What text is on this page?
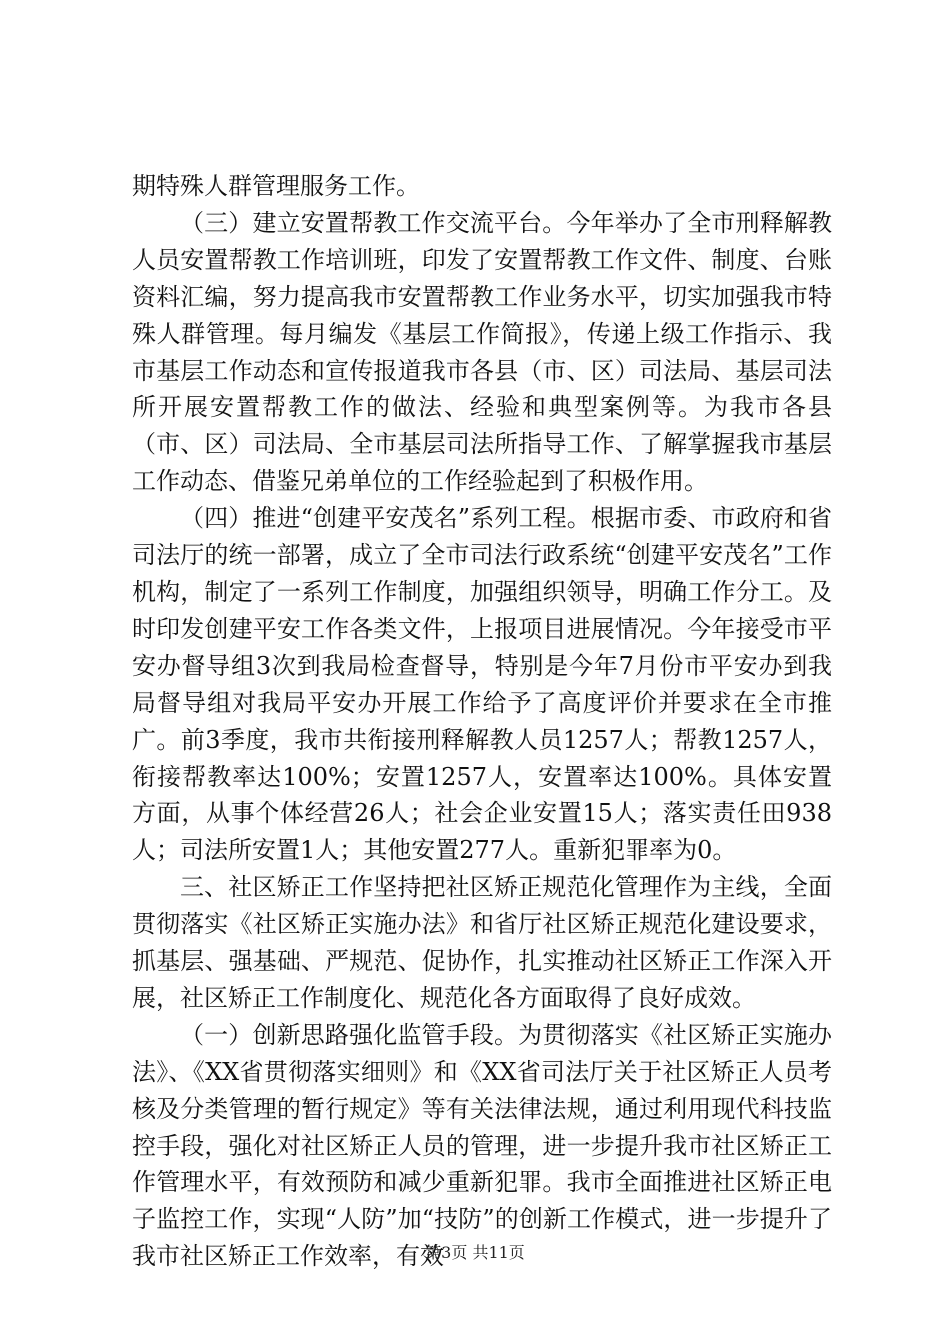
期特殊人群管理服务工作。

（三）建立安置帮教工作交流平台。今年举办了全市刑释解教人员安置帮教工作培训班，印发了安置帮教工作文件、制度、台账资料汇编，努力提高我市安置帮教工作业务水平，切实加强我市特殊人群管理。每月编发《基层工作简报》，传递上级工作指示、我市基层工作动态和宣传报道我市各县（市、区）司法局、基层司法所开展安置帮教工作的做法、经验和典型案例等。为我市各县（市、区）司法局、全市基层司法所指导工作、了解掌握我市基层工作动态、借鉴兄弟单位的工作经验起到了积极作用。

（四）推进“创建平安茂名”系列工程。根据市委、市政府和省司法厅的统一部署，成立了全市司法行政系统“创建平安茂名”工作机构，制定了一系列工作制度，加强组织领导，明确工作分工。及时印发创建平安工作各类文件，上报项目进展情况。今年接受市平安办督导组3次到我局检查督导，特别是今年7月份市平安办到我局督导组对我局平安办开展工作给予了高度评价并要求在全市推广。前3季度，我市共衔接刑释解教人员1257人；帮教1257人，衔接帮教率达100%；安置1257人，安置率达100%。具体安置方面，从事个体经营26人；社会企业安置15人；落实责任田938人；司法所安置1人；其他安置277人。重新犯罪率为0。

三、社区矫正工作坚持把社区矫正规范化管理作为主线，全面贯彻落实《社区矫正实施办法》和省厅社区矫正规范化建设要求，抓基层、强基础、严规范、促协作，扎实推动社区矫正工作深入开展，社区矫正工作制度化、规范化各方面取得了良好成效。

（一）创新思路强化监管手段。为贯彻落实《社区矫正实施办法》、《XX省贯彻落实细则》和《XX省司法厅关于社区矫正人员考核及分类管理的暂行规定》等有关法律法规，通过利用现代科技监控手段，强化对社区矫正人员的管理，进一步提升我市社区矫正工作管理水平，有效预防和减少重新犯罪。我市全面推进社区矫正电子监控工作，实现“人防”加“技防”的创新工作模式，进一步提升了我市社区矫正工作效率，有效

第3页 共11页
